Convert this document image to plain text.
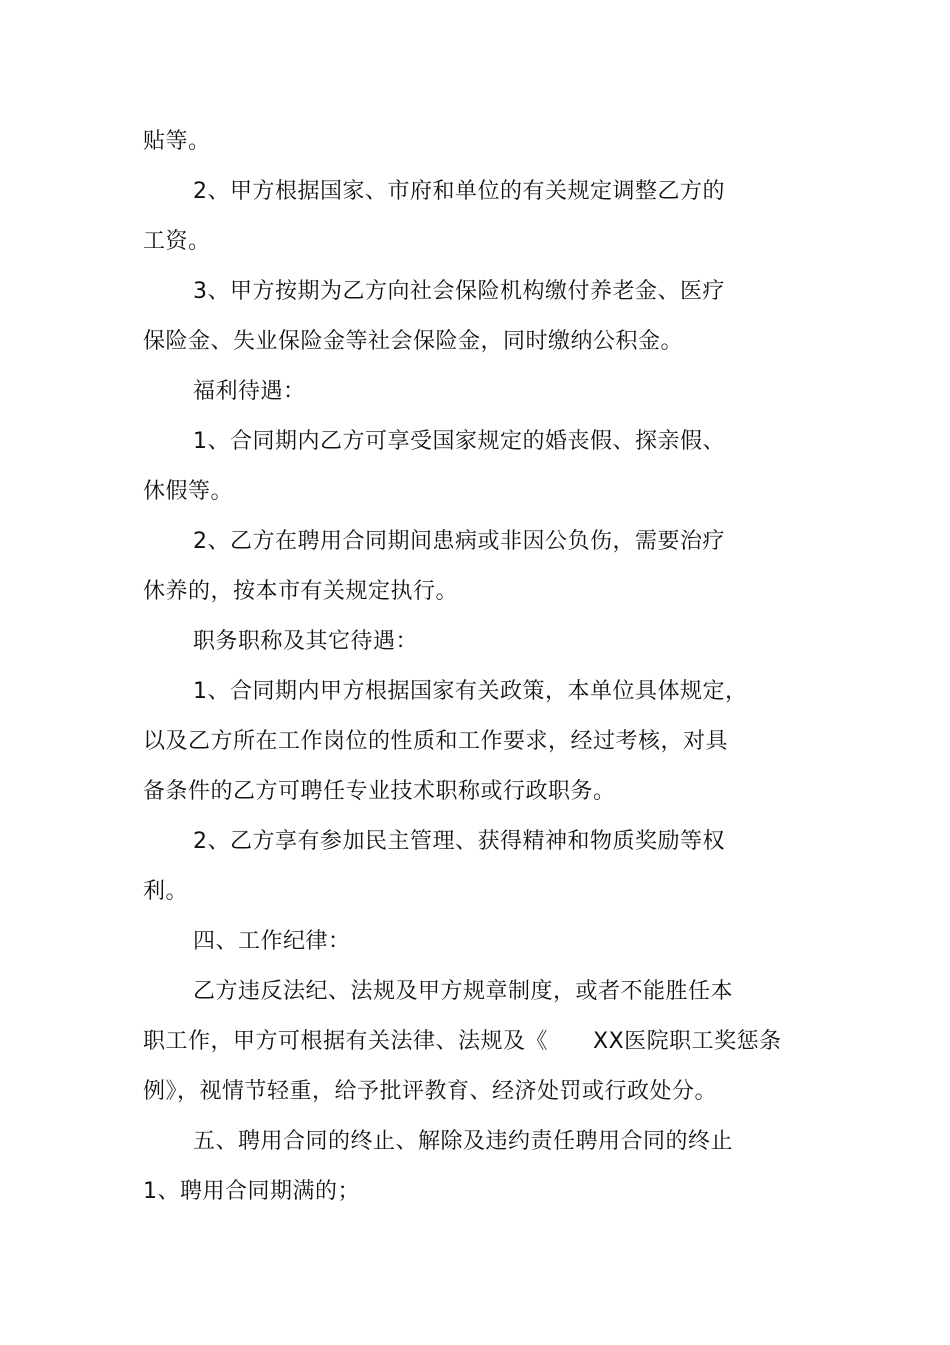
贴等。
2、甲方根据国家、市府和单位的有关规定调整乙方的
工资。
3、甲方按期为乙方向社会保险机构缴付养老金、医疗
保险金、失业保险金等社会保险金，同时缴纳公积金。
福利待遇：
1、合同期内乙方可享受国家规定的婚丧假、探亲假、
休假等。
2、乙方在聘用合同期间患病或非因公负伤，需要治疗
休养的，按本市有关规定执行。
职务职称及其它待遇：
1、合同期内甲方根据国家有关政策，本单位具体规定，
以及乙方所在工作岗位的性质和工作要求，经过考核，对具
备条件的乙方可聘任专业技术职称或行政职务。
2、乙方享有参加民主管理、获得精神和物质奖励等权
利。
四、工作纪律：
乙方违反法纪、法规及甲方规章制度，或者不能胜任本
职工作，甲方可根据有关法律、法规及《　　XX医院职工奖惩条
例》，视情节轻重，给予批评教育、经济处罚或行政处分。
五、聘用合同的终止、解除及违约责任聘用合同的终止
1、聘用合同期满的；
